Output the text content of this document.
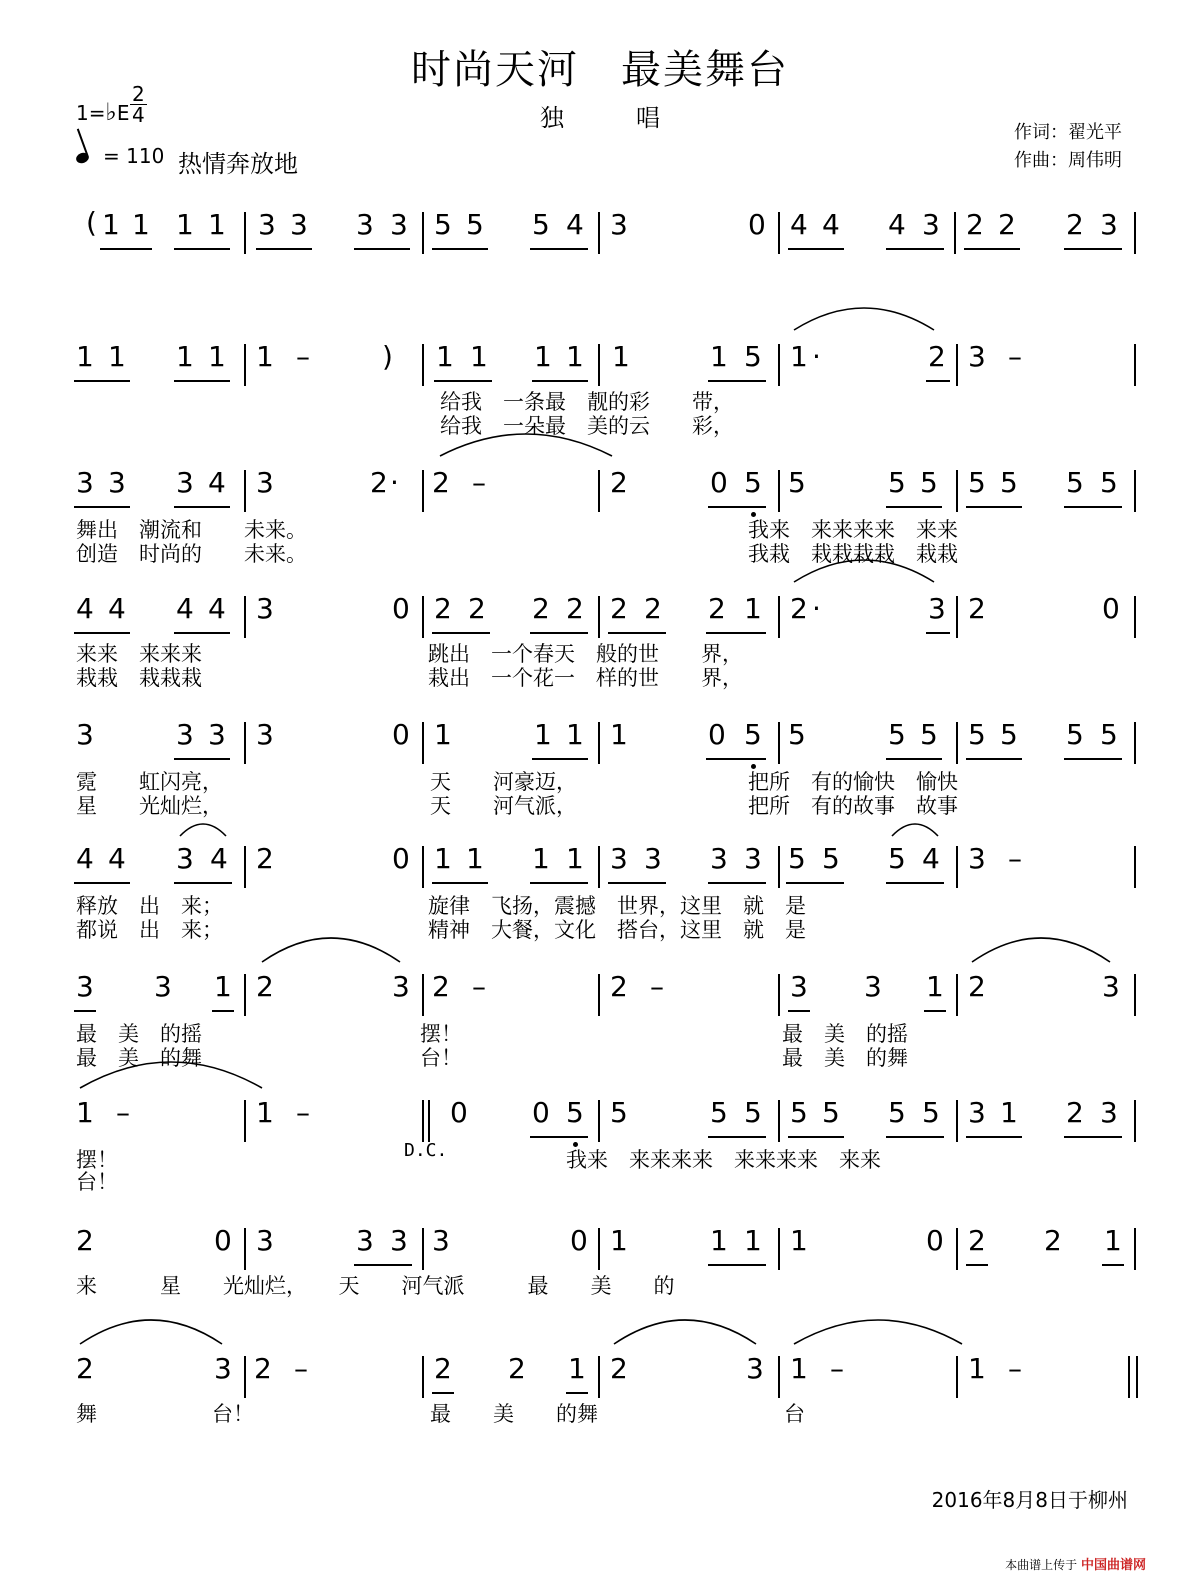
时尚天河　最美舞台
独　　　唱
1=♭E
2
4
= 110 热情奔放地
作词：翟光平
作曲：周伟明
( 1 1 1 1 3 3 3 3 5 5 5 4 3	0 4 4 4 3 2 2 2 3
1 1 1 1 1 –	) 1 1 1 1 1	1 5 1 ·	2 3 –
3 3 3 4 3	2 · 2 –	2	0 5 5	5 5 5 5 5 5
4 4 4 4 3	0 2 2 2 2 2 2 2 1 2 ·	3 2	0
3	3 3 3	0 1	1 1 1	0 5 5	5 5 5 5 5 5
4 4 3 4 2	0 1 1 1 1 3 3 3 3 5 5 5 4 3 –
3 3 1 2	3 2 –	2 –	3 3 1 2	3
1 –	1 –	0 0 5 5	5 5 5 5 5 5 3 1 2 3
2	0 3	3 3 3	0 1	1 1 1	0 2 2 1
2	3 2 –	2 2 1 2	3 1 –	1 –
给我　一条最　靓的彩　　带，
给我　一朵最　美的云　　彩，
舞出　潮流和　　未来。	我来　来来来来　来来
创造　时尚的　　未来。	我栽　栽栽栽栽　栽栽
来来　来来来	跳出　一个春天　般的世　　界，
栽栽　栽栽栽	栽出　一个花一　样的世　　界，
霓　　虹闪亮，	天　　河豪迈，	把所　有的愉快　愉快
星　　光灿烂，	天　　河气派，	把所　有的故事　故事
释放　出　来；	旋律　飞扬，震撼　世界，这里　就　是
都说　出　来；	精神　大餐，文化　搭台，这里　就　是
最　美　的摇	摆！	最　美　的摇
最　美　的舞	台！	最　美　的舞
摆！
台！
D.C.	我来　来来来来　来来来来　来来
来　　　星　　光灿烂，　　天　　河气派　　　最　　美　　的
舞	台！	最　　美　　的舞	台
2016年8月8日于柳州
本曲谱上传于 中国曲谱网
